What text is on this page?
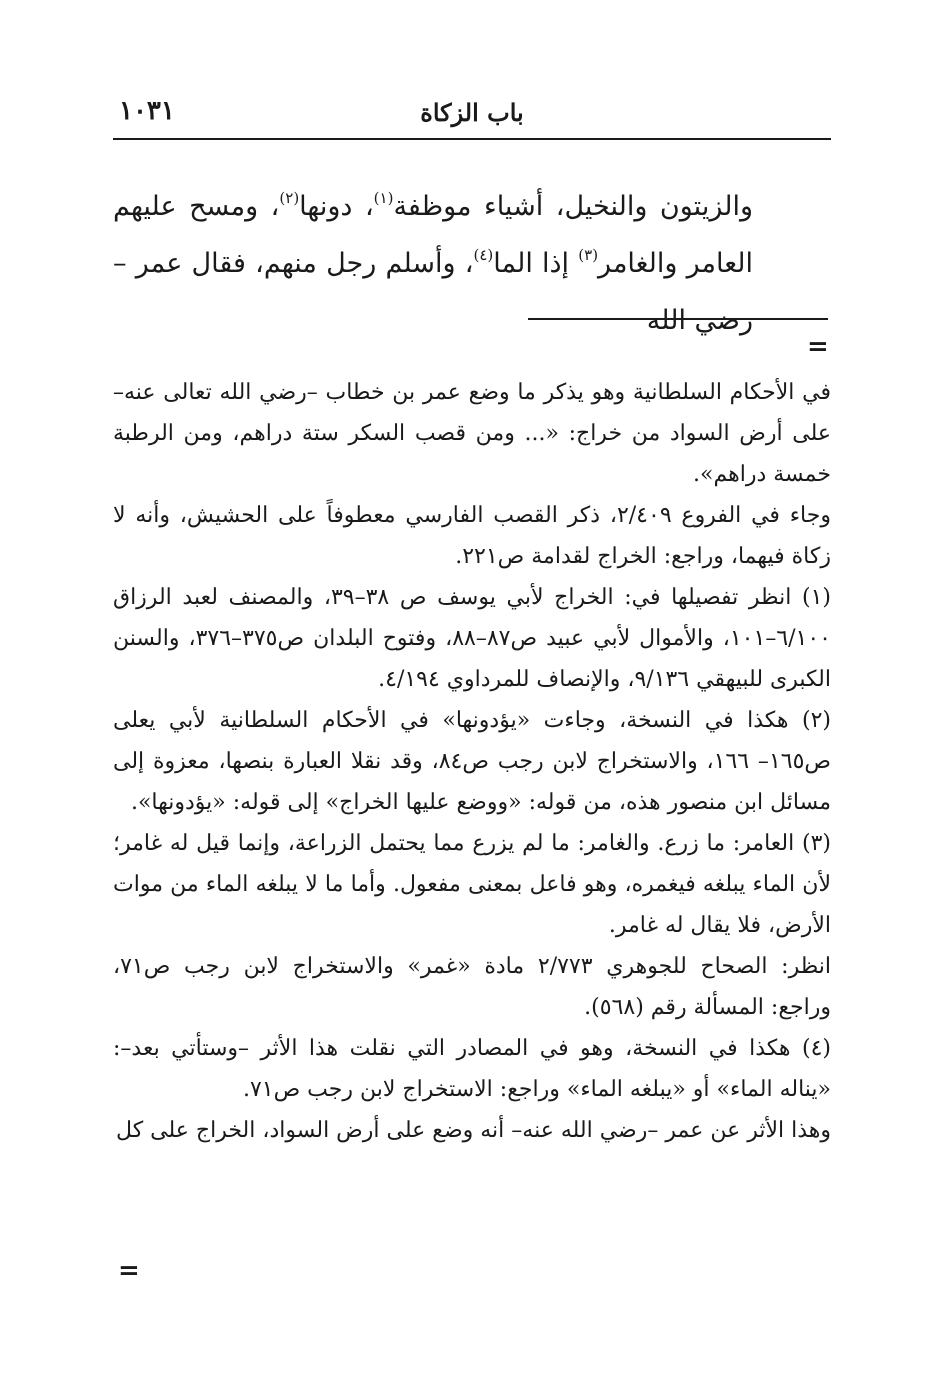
باب الزكاة
١٠٣١

والزيتون والنخيل، أشياء موظفة$^{(١)}$، دونها$^{(٢)}$، ومسح عليهم العامر والغامر$^{(٣)}$ إذا الما$^{(٤)}$، وأسلم رجل منهم، فقال عمر –رضي الله

=

في الأحكام السلطانية وهو يذكر ما وضع عمر بن خطاب –رضي الله تعالى عنه– على أرض السواد من خراج: «... ومن قصب السكر ستة دراهم، ومن الرطبة خمسة دراهم».

وجاء في الفروع ٢/٤٠٩، ذكر القصب الفارسي معطوفاً على الحشيش، وأنه لا زكاة فيهما، وراجع: الخراج لقدامة ص٢٢١.

(١) انظر تفصيلها في: الخراج لأبي يوسف ص ٣٨–٣٩، والمصنف لعبد الرزاق ٦/١٠٠–١٠١، والأموال لأبي عبيد ص٨٧–٨٨، وفتوح البلدان ص٣٧٥–٣٧٦، والسنن الكبرى للبيهقي ٩/١٣٦، والإنصاف للمرداوي ٤/١٩٤.

(٢) هكذا في النسخة، وجاءت «يؤدونها» في الأحكام السلطانية لأبي يعلى ص١٦٥– ١٦٦، والاستخراج لابن رجب ص٨٤، وقد نقلا العبارة بنصها، معزوة إلى مسائل ابن منصور هذه، من قوله: «ووضع عليها الخراج» إلى قوله: «يؤدونها».

(٣) العامر: ما زرع. والغامر: ما لم يزرع مما يحتمل الزراعة، وإنما قيل له غامر؛ لأن الماء يبلغه فيغمره، وهو فاعل بمعنى مفعول. وأما ما لا يبلغه الماء من موات الأرض، فلا يقال له غامر.

انظر: الصحاح للجوهري ٢/٧٧٣ مادة «غمر» والاستخراج لابن رجب ص٧١، وراجع: المسألة رقم (٥٦٨).

(٤) هكذا في النسخة، وهو في المصادر التي نقلت هذا الأثر –وستأتي بعد–: «يناله الماء» أو «يبلغه الماء» وراجع: الاستخراج لابن رجب ص٧١.

وهذا الأثر عن عمر –رضي الله عنه– أنه وضع على أرض السواد، الخراج على كل

=
